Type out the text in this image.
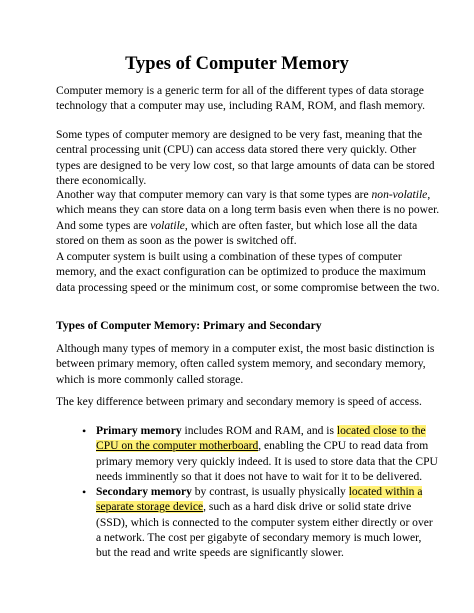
Types of Computer Memory

Computer memory is a generic term for all of the different types of data storage
technology that a computer may use, including RAM, ROM, and flash memory.

Some types of computer memory are designed to be very fast, meaning that the
central processing unit (CPU) can access data stored there very quickly. Other
types are designed to be very low cost, so that large amounts of data can be stored
there economically.

Another way that computer memory can vary is that some types are non-volatile,
which means they can store data on a long term basis even when there is no power.
And some types are volatile, which are often faster, but which lose all the data
stored on them as soon as the power is switched off.

A computer system is built using a combination of these types of computer
memory, and the exact configuration can be optimized to produce the maximum
data processing speed or the minimum cost, or some compromise between the two.

Types of Computer Memory: Primary and Secondary

Although many types of memory in a computer exist, the most basic distinction is
between primary memory, often called system memory, and secondary memory,
which is more commonly called storage.

The key difference between primary and secondary memory is speed of access.

• Primary memory includes ROM and RAM, and is located close to the
CPU on the computer motherboard, enabling the CPU to read data from
primary memory very quickly indeed. It is used to store data that the CPU
needs imminently so that it does not have to wait for it to be delivered.
• Secondary memory by contrast, is usually physically located within a
separate storage device, such as a hard disk drive or solid state drive
(SSD), which is connected to the computer system either directly or over
a network. The cost per gigabyte of secondary memory is much lower,
but the read and write speeds are significantly slower.
